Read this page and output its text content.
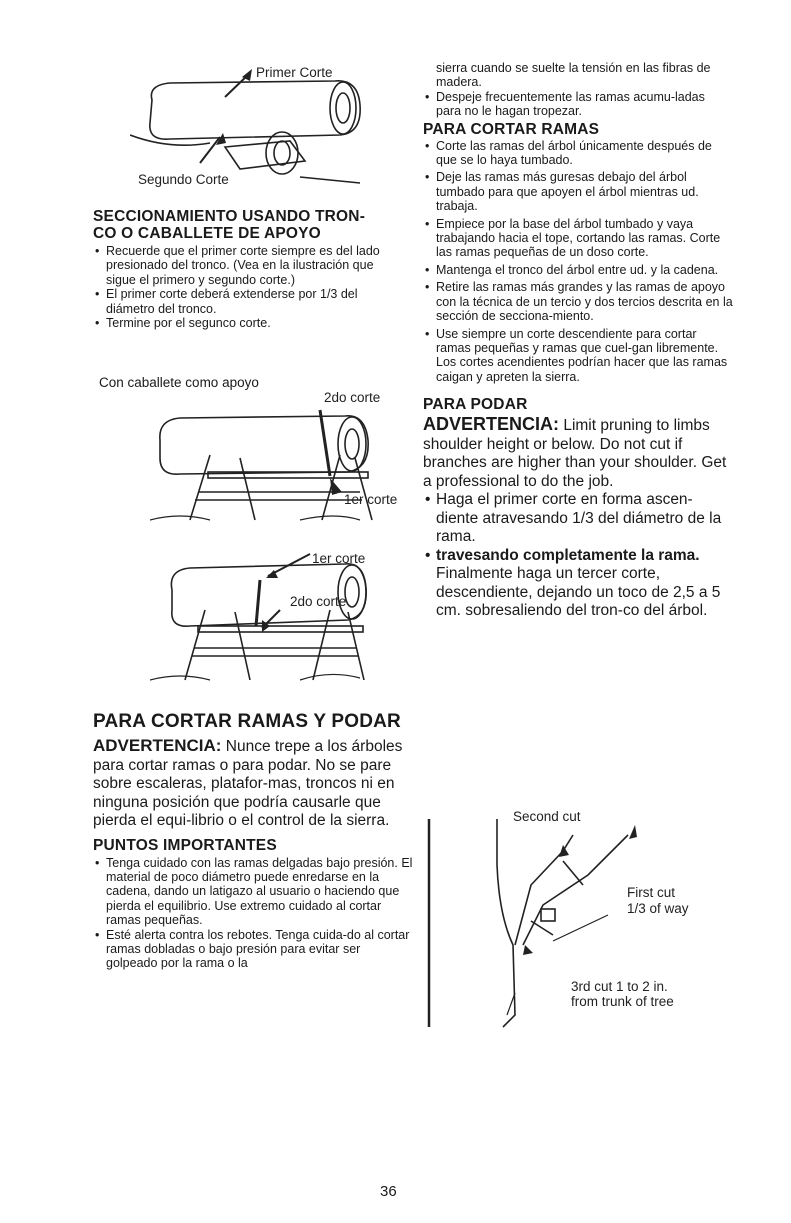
Primer Corte
Segundo Corte
SECCIONAMIENTO USANDO TRON-
CO O CABALLETE DE APOYO
• Recuerde que el primer corte siempre es del lado presionado del tronco. (Vea en la ilustración que sigue el primero y segundo corte.)
• El primer corte deberá extenderse por 1/3 del diámetro del tronco.
• Termine por el segunco corte.
Con caballete como apoyo
2do corte
1er corte
1er corte
2do corte
PARA CORTAR RAMAS Y PODAR
ADVERTENCIA: Nunce trepe a los árboles para cortar ramas o para podar. No se pare sobre escaleras, platafor-mas, troncos ni en ninguna posición que podría causarle que pierda el equi-librio o el control de la sierra.
PUNTOS IMPORTANTES
• Tenga cuidado con las ramas delgadas bajo presión. El material de poco diámetro puede enredarse en la cadena, dando un latigazo al usuario o haciendo que pierda el equilibrio. Use extremo cuidado al cortar ramas pequeñas.
• Esté alerta contra los rebotes. Tenga cuida-do al cortar ramas dobladas o bajo presión para evitar ser golpeado por la rama o la
sierra cuando se suelte la tensión en las fibras de madera.
• Despeje frecuentemente las ramas acumu-ladas para no le hagan tropezar.
PARA CORTAR RAMAS
• Corte las ramas del árbol únicamente después de que se lo haya tumbado.
• Deje las ramas más guresas debajo del árbol tumbado para que apoyen el árbol mientras ud. trabaja.
• Empiece por la base del árbol tumbado y vaya trabajando hacia el tope, cortando las ramas. Corte las ramas pequeñas de un doso corte.
• Mantenga el tronco del árbol entre ud. y la cadena.
• Retire las ramas más grandes y las ramas de apoyo con la técnica de un tercio y dos tercios descrita en la sección de secciona-miento.
• Use siempre un corte descendiente para cortar ramas pequeñas y ramas que cuel-gan libremente. Los cortes acendientes podrían hacer que las ramas caigan y apreten la sierra.
PARA PODAR
ADVERTENCIA: Limit pruning to limbs shoulder height or below. Do not cut if branches are higher than your shoulder. Get a professional to do the job.
• Haga el primer corte en forma ascen-diente atravesando 1/3 del diámetro de la rama.
• travesando completamente la rama. Finalmente haga un tercer corte, descendiente, dejando un toco de 2,5 a 5 cm. sobresaliendo del tron-co del árbol.
Second cut
First cut
1/3 of way
3rd cut 1 to 2 in.
from trunk of tree
36
